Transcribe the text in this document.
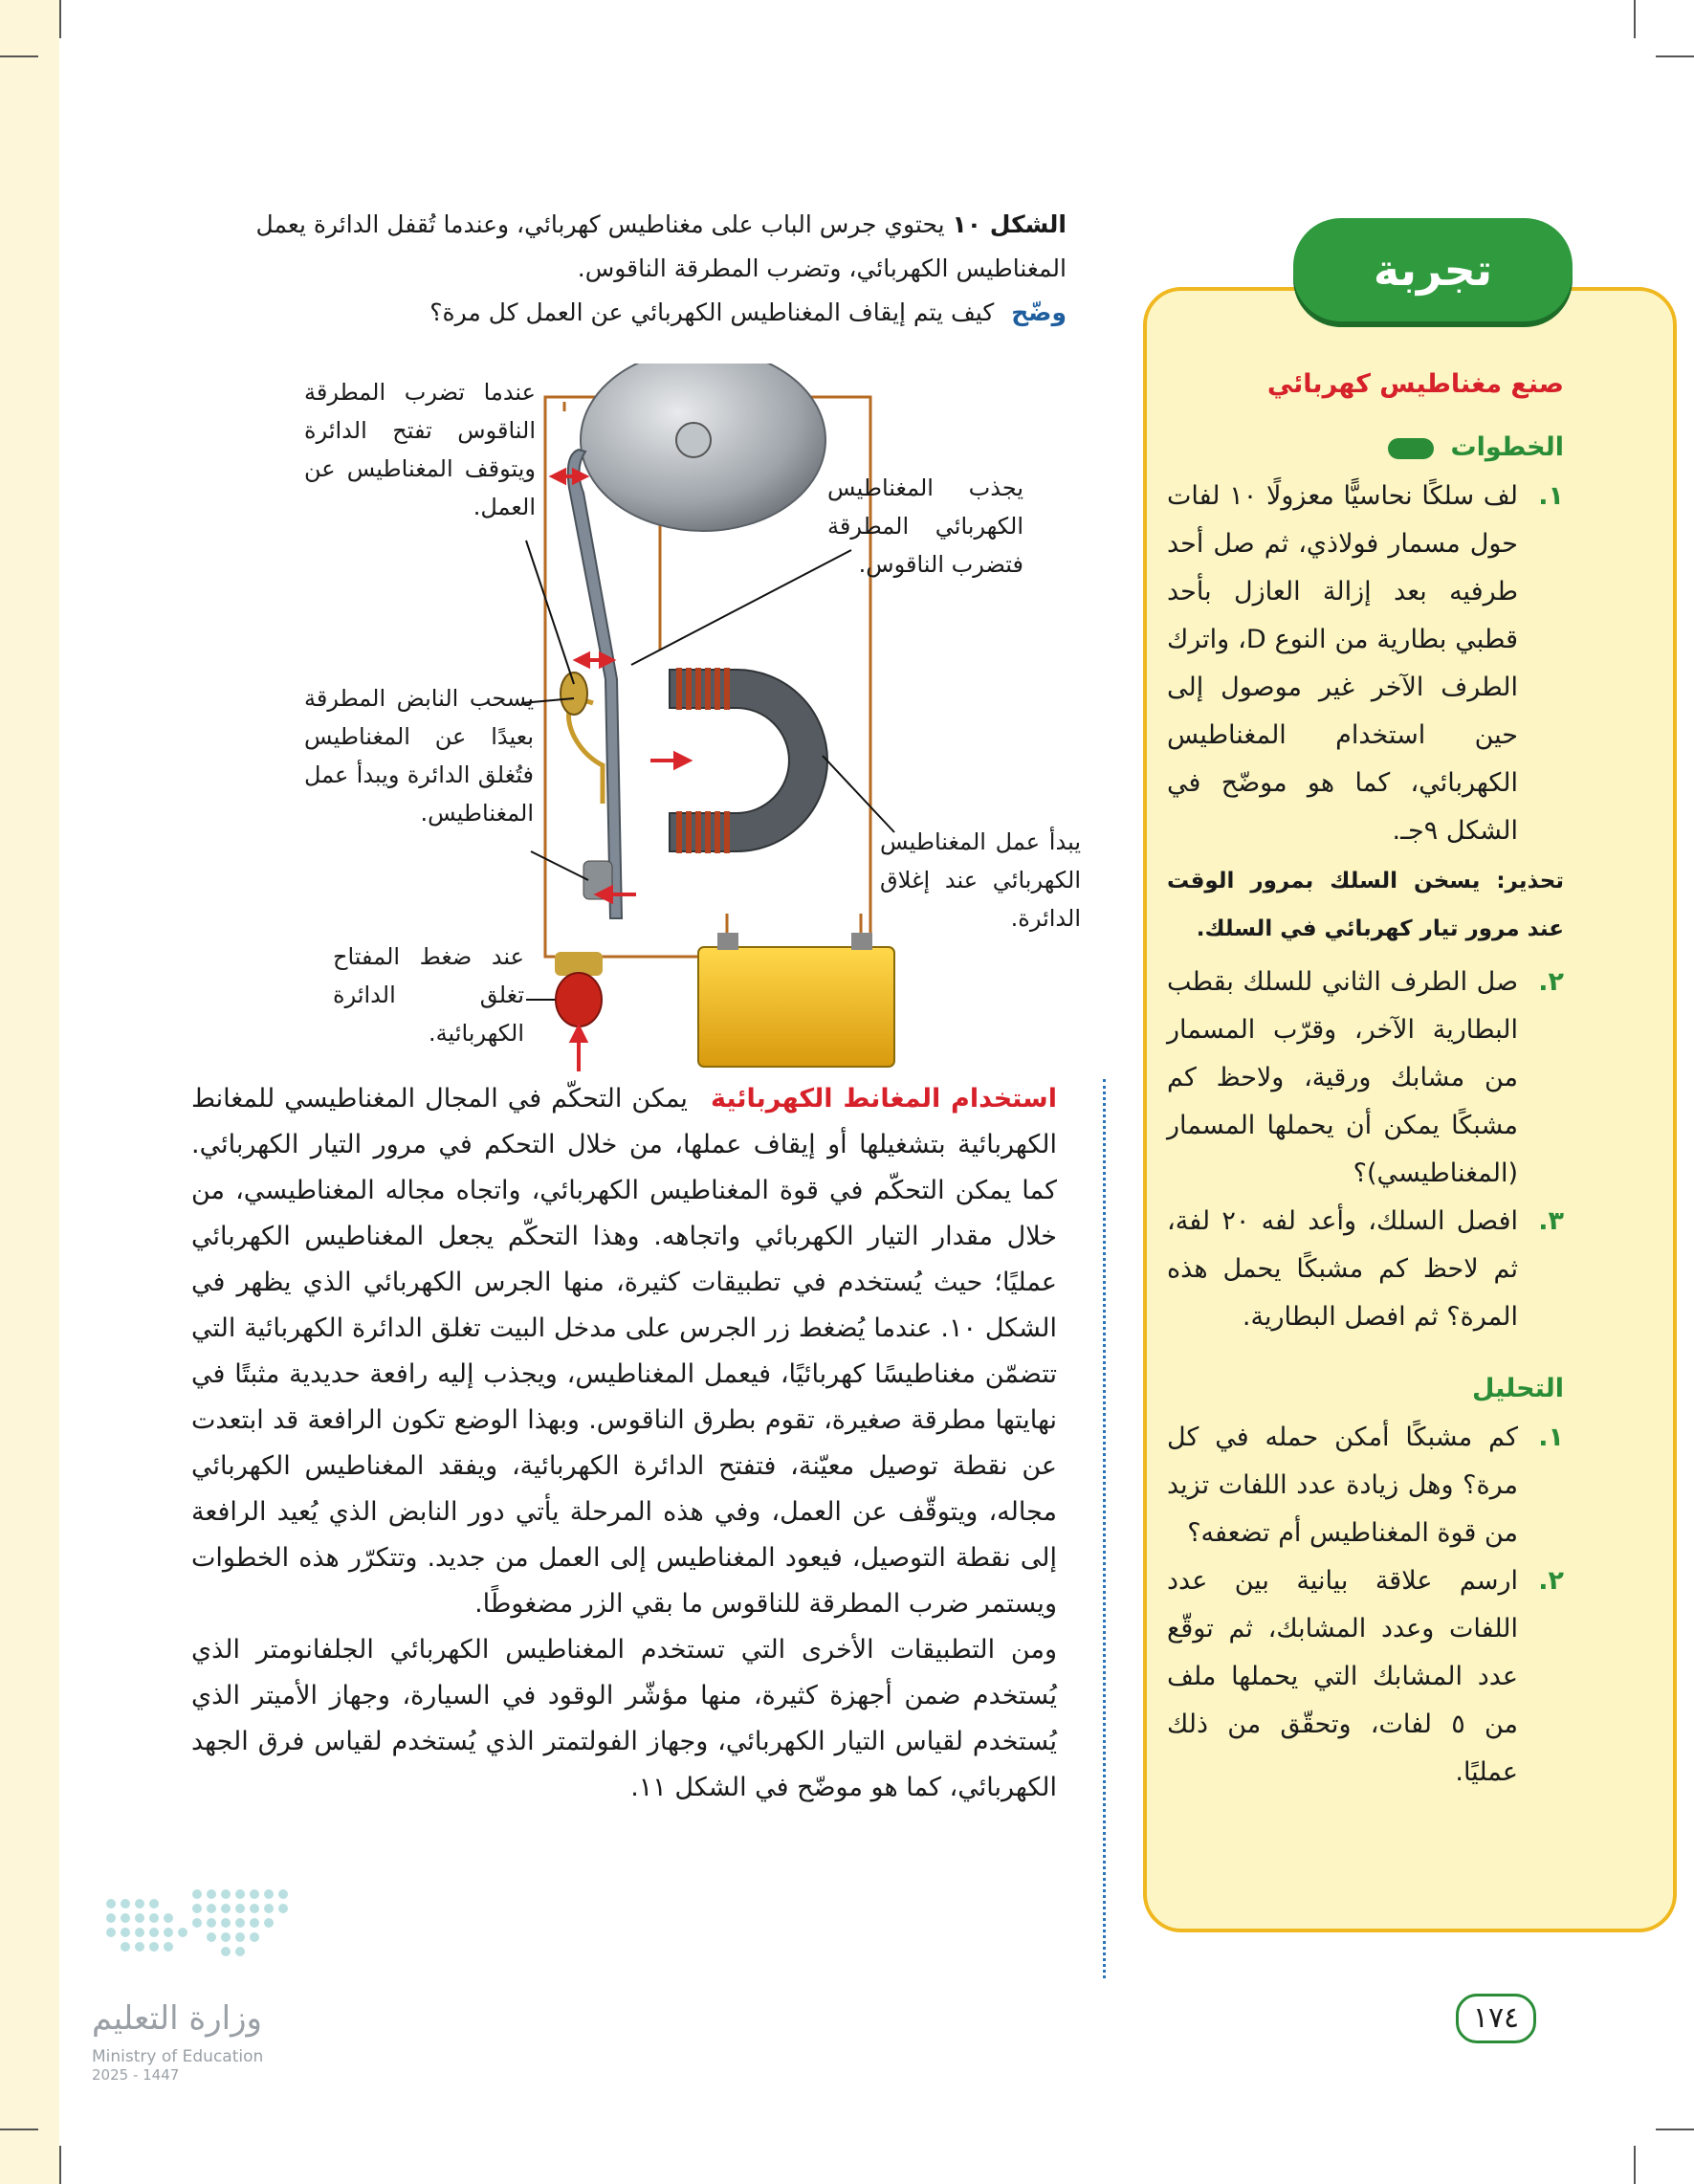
الشكل ١٠ يحتوي جرس الباب على مغناطيس كهربائي، وعندما تُقفل الدائرة يعمل المغناطيس الكهربائي، وتضرب المطرقة الناقوس.
وضّح كيف يتم إيقاف المغناطيس الكهربائي عن العمل كل مرة؟
عندما تضرب المطرقة الناقوس تفتح الدائرة ويتوقف المغناطيس عن العمل.
يجذب المغناطيس الكهربائي المطرقة فتضرب الناقوس.
يسحب النابض المطرقة بعيدًا عن المغناطيس فتُغلق الدائرة ويبدأ عمل المغناطيس.
يبدأ عمل المغناطيس الكهربائي عند إغلاق الدائرة.
عند ضغط المفتاح تغلق الدائرة الكهربائية.

استخدام المغانط الكهربائية يمكن التحكّم في المجال المغناطيسي للمغانط الكهربائية بتشغيلها أو إيقاف عملها، من خلال التحكم في مرور التيار الكهربائي. كما يمكن التحكّم في قوة المغناطيس الكهربائي، واتجاه مجاله المغناطيسي، من خلال مقدار التيار الكهربائي واتجاهه. وهذا التحكّم يجعل المغناطيس الكهربائي عمليًا؛ حيث يُستخدم في تطبيقات كثيرة، منها الجرس الكهربائي الذي يظهر في الشكل ١٠. عندما يُضغط زر الجرس على مدخل البيت تغلق الدائرة الكهربائية التي تتضمّن مغناطيسًا كهربائيًا، فيعمل المغناطيس، ويجذب إليه رافعة حديدية مثبتًا في نهايتها مطرقة صغيرة، تقوم بطرق الناقوس. وبهذا الوضع تكون الرافعة قد ابتعدت عن نقطة توصيل معيّنة، فتفتح الدائرة الكهربائية، ويفقد المغناطيس الكهربائي مجاله، ويتوقّف عن العمل، وفي هذه المرحلة يأتي دور النابض الذي يُعيد الرافعة إلى نقطة التوصيل، فيعود المغناطيس إلى العمل من جديد. وتتكرّر هذه الخطوات ويستمر ضرب المطرقة للناقوس ما بقي الزر مضغوطًا.

ومن التطبيقات الأخرى التي تستخدم المغناطيس الكهربائي الجلفانومتر الذي يُستخدم ضمن أجهزة كثيرة، منها مؤشّر الوقود في السيارة، وجهاز الأميتر الذي يُستخدم لقياس التيار الكهربائي، وجهاز الفولتمتر الذي يُستخدم لقياس فرق الجهد الكهربائي، كما هو موضّح في الشكل ١١.

تجربة
صنع مغناطيس كهربائي
الخطوات
١.
لف سلكًا نحاسيًّا معزولًا ١٠ لفات حول مسمار فولاذي، ثم صل أحد طرفيه بعد إزالة العازل بأحد قطبي بطارية من النوع D، واترك الطرف الآخر غير موصول إلى حين استخدام المغناطيس الكهربائي، كما هو موضّح في الشكل ٩جـ.
تحذير: يسخن السلك بمرور الوقت عند مرور تيار كهربائي في السلك.
٢.
صل الطرف الثاني للسلك بقطب البطارية الآخر، وقرّب المسمار من مشابك ورقية، ولاحظ كم مشبكًا يمكن أن يحملها المسمار (المغناطيسي)؟
٣.
افصل السلك، وأعد لفه ٢٠ لفة، ثم لاحظ كم مشبكًا يحمل هذه المرة؟ ثم افصل البطارية.
التحليل
١.
كم مشبكًا أمكن حمله في كل مرة؟ وهل زيادة عدد اللفات تزيد من قوة المغناطيس أم تضعفه؟
٢.
ارسم علاقة بيانية بين عدد اللفات وعدد المشابك، ثم توقّع عدد المشابك التي يحملها ملف من ٥ لفات، وتحقّق من ذلك عمليًا.
١٧٤
وزارة التعليم
Ministry of Education
2025 - 1447
